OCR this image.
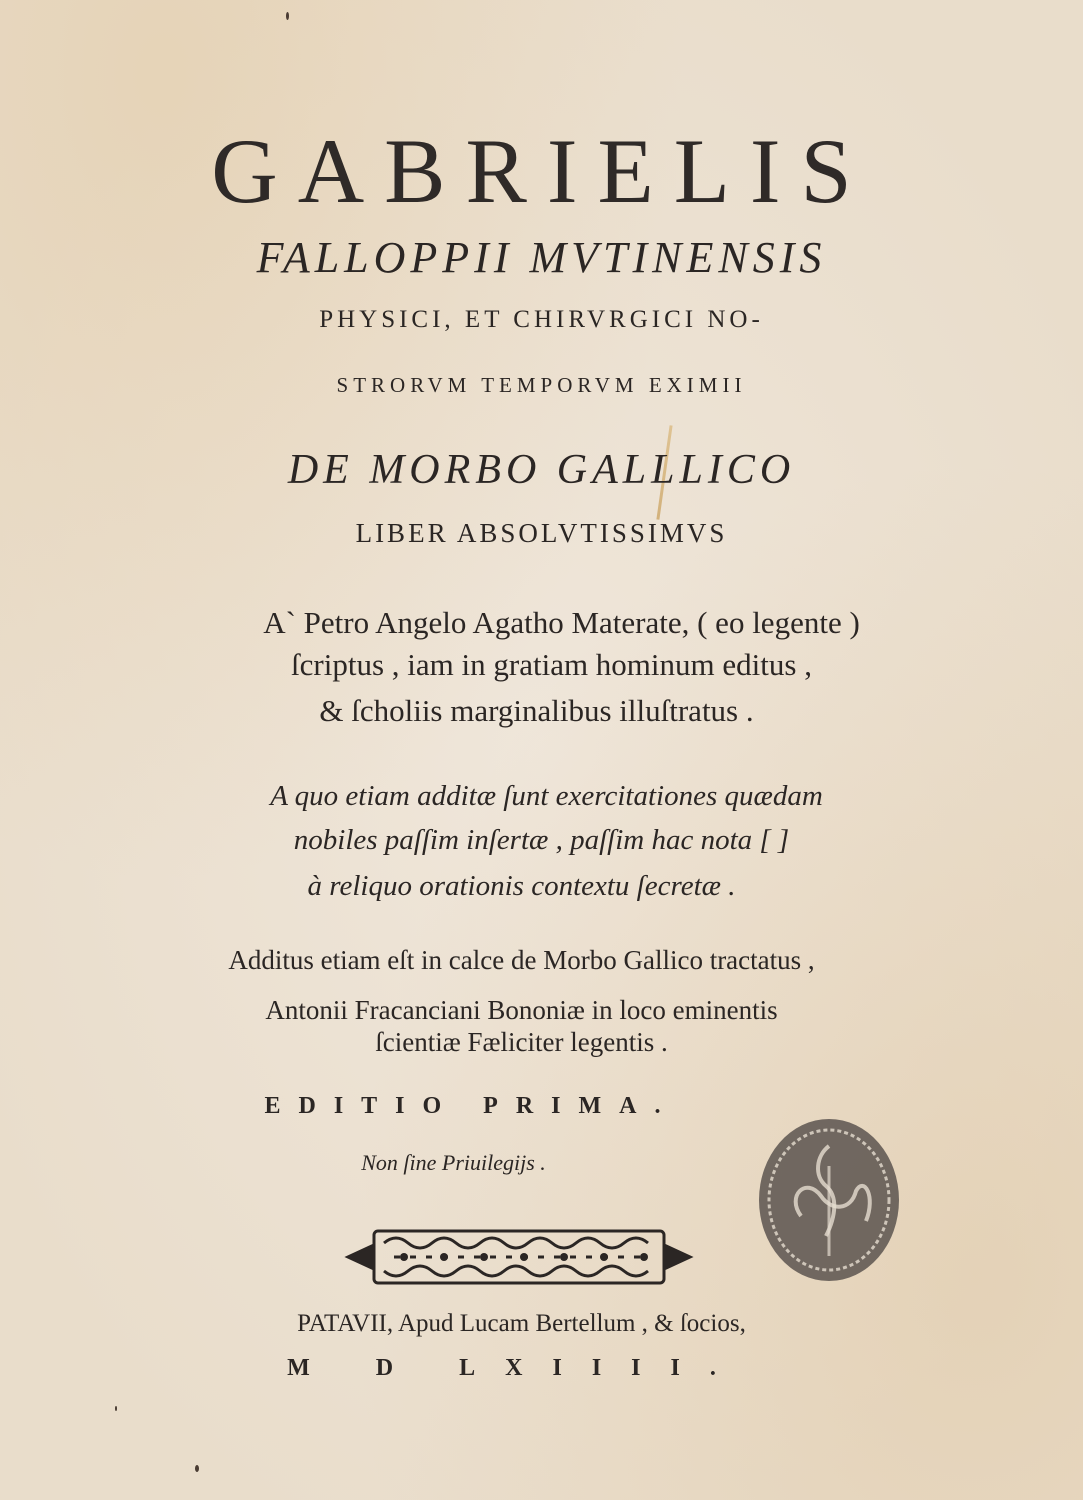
GABRIELIS
FALLOPPII MVTINENSIS
PHYSICI, ET CHIRVRGICI NO-
STRORVM TEMPORVM EXIMII
DE MORBO GALLLICO
LIBER ABSOLVTISSIMVS
Aˋ Petro Angelo Agatho Materate, ( eo legente )
ſcriptus , iam in gratiam hominum editus ,
& ſcholiis marginalibus illuſtratus .
A quo etiam additæ ſunt exercitationes quædam
nobiles paſſim inſertæ , paſſim hac nota [ ]
à reliquo orationis contextu ſecretæ .
Additus etiam eſt in calce de Morbo Gallico tractatus ,
Antonii Fracanciani Bononiæ in loco eminentis
ſcientiæ Fæliciter legentis .
EDITIO PRIMA.
Non ſine Priuilegijs .
PATAVII, Apud Lucam Bertellum , & ſocios,
M D LXIIII.
